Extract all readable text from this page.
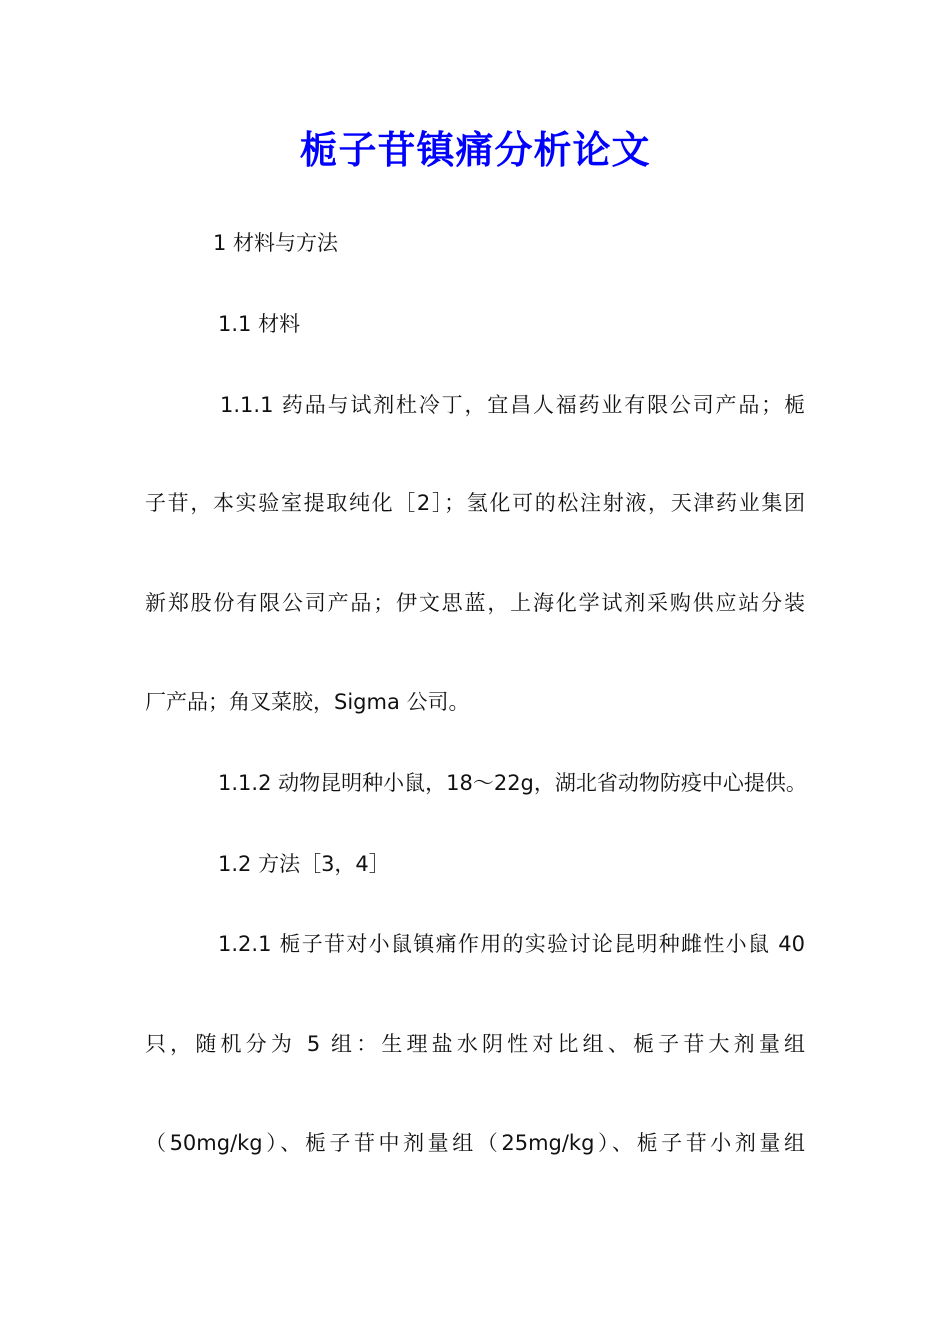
栀子苷镇痛分析论文
1 材料与方法
1.1 材料
1.1.1 药品与试剂杜冷丁，宜昌人福药业有限公司产品；栀
子苷，本实验室提取纯化［2］；氢化可的松注射液，天津药业集团
新郑股份有限公司产品；伊文思蓝，上海化学试剂采购供应站分装
厂产品；角叉菜胶，Sigma 公司。
1.1.2 动物昆明种小鼠，18～22g，湖北省动物防疫中心提供。
1.2 方法［3，4］
1.2.1 栀子苷对小鼠镇痛作用的实验讨论昆明种雌性小鼠 40
只，随机分为 5 组：生理盐水阴性对比组、栀子苷大剂量组
（50mg/kg）、栀子苷中剂量组（25mg/kg）、栀子苷小剂量组
